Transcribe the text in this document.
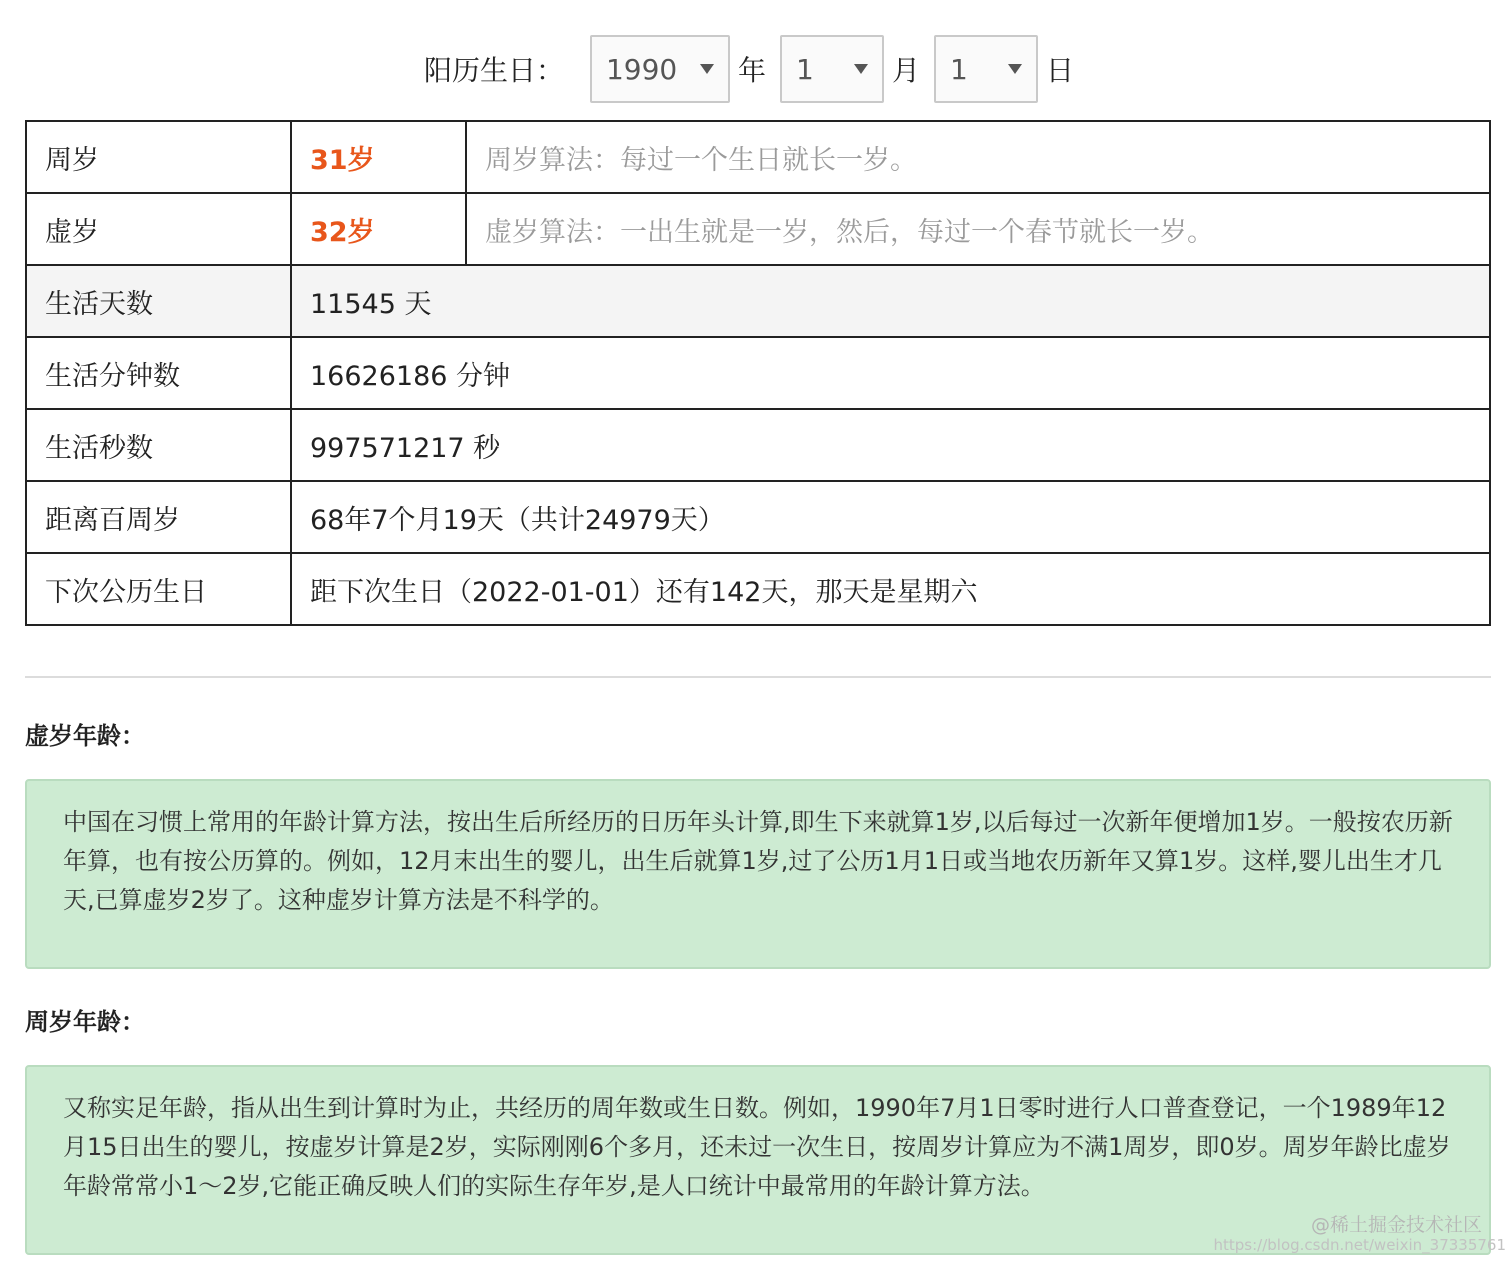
阳历生日： 1990 年 1	月 1	日
周岁	31岁	周岁算法：每过一个生日就长一岁。
虚岁	32岁	虚岁算法：一出生就是一岁，然后，每过一个春节就长一岁。
生活天数	11545 天	
生活分钟数	16626186 分钟	
生活秒数	997571217 秒	
距离百周岁	68年7个月19天（共计24979天）	
下次公历生日	距下次生日（2022-01-01）还有142天，那天是星期六	
虚岁年龄：
中国在习惯上常用的年龄计算方法，按出生后所经历的日历年头计算,即生下来就算1岁,以后每过一次新年便增加1岁。一般按农历新年算，也有按公历算的。例如，12月末出生的婴儿，出生后就算1岁,过了公历1月1日或当地农历新年又算1岁。这样,婴儿出生才几天,已算虚岁2岁了。这种虚岁计算方法是不科学的。
周岁年龄：
又称实足年龄，指从出生到计算时为止，共经历的周年数或生日数。例如，1990年7月1日零时进行人口普查登记，一个1989年12月15日出生的婴儿，按虚岁计算是2岁，实际刚刚6个多月，还未过一次生日，按周岁计算应为不满1周岁，即0岁。周岁年龄比虚岁年龄常常小1～2岁,它能正确反映人们的实际生存年岁,是人口统计中最常用的年龄计算方法。
@稀土掘金技术社区
https://blog.csdn.net/weixin_37335761
